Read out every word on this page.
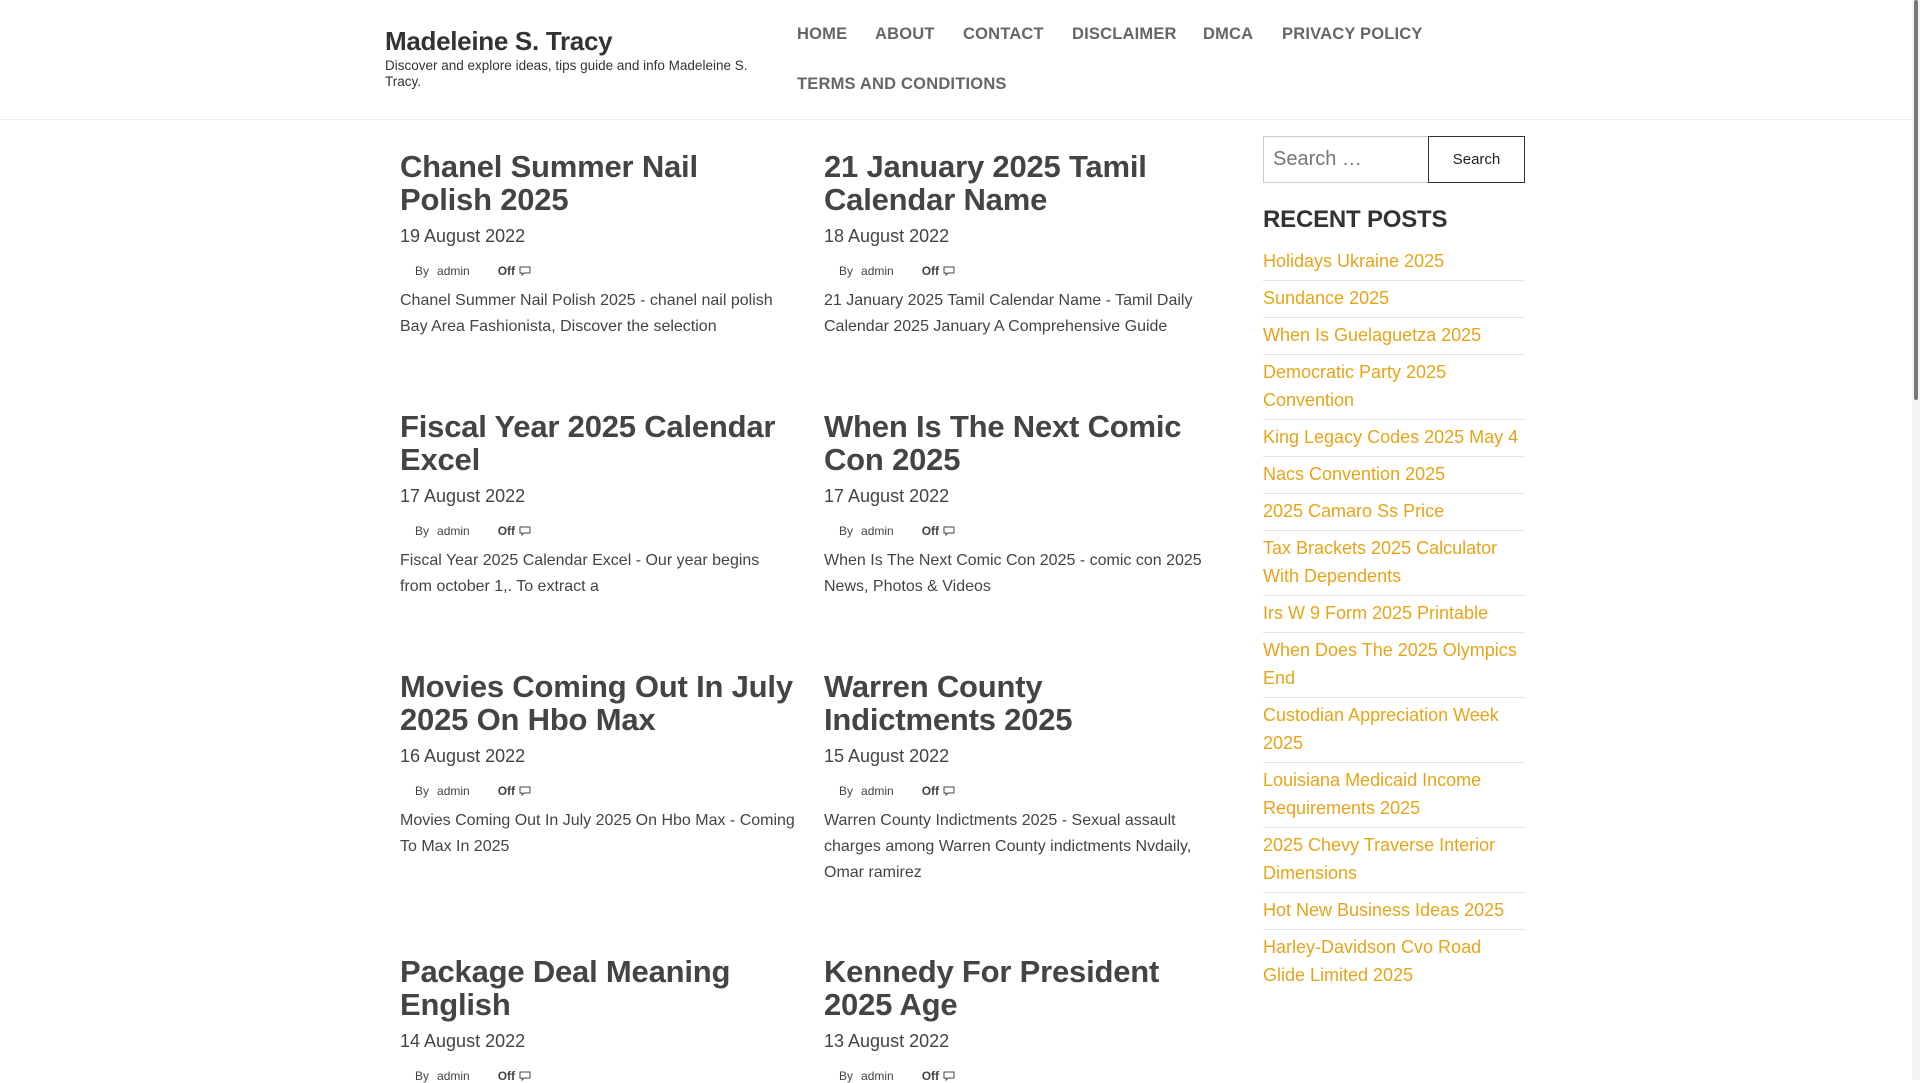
Madeleine S. Tracy
Discover and explore ideas, tips guide and info Madeleine S. Tracy.
HOME ABOUT CONTACT DISCLAIMER DMCA PRIVACY POLICY
TERMS AND CONDITIONS
Chanel Summer Nail Polish 2025
19 August 2022
By admin Off
Chanel Summer Nail Polish 2025 - chanel nail polish Bay Area Fashionista, Discover the selection
21 January 2025 Tamil Calendar Name
18 August 2022
By admin Off
21 January 2025 Tamil Calendar Name - Tamil Daily Calendar 2025 January A Comprehensive Guide
Fiscal Year 2025 Calendar Excel
17 August 2022
By admin Off
Fiscal Year 2025 Calendar Excel - Our year begins from october 1,. To extract a
When Is The Next Comic Con 2025
17 August 2022
By admin Off
When Is The Next Comic Con 2025 - comic con 2025 News, Photos & Videos
Movies Coming Out In July 2025 On Hbo Max
16 August 2022
By admin Off
Movies Coming Out In July 2025 On Hbo Max - Coming To Max In 2025
Warren County Indictments 2025
15 August 2022
By admin Off
Warren County Indictments 2025 - Sexual assault charges among Warren County indictments Nvdaily, Omar ramirez
Package Deal Meaning English
14 August 2022
By admin Off
Kennedy For President 2025 Age
13 August 2022
By admin Off
Search …
Search
RECENT POSTS
Holidays Ukraine 2025
Sundance 2025
When Is Guelaguetza 2025
Democratic Party 2025 Convention
King Legacy Codes 2025 May 4
Nacs Convention 2025
2025 Camaro Ss Price
Tax Brackets 2025 Calculator With Dependents
Irs W 9 Form 2025 Printable
When Does The 2025 Olympics End
Custodian Appreciation Week 2025
Louisiana Medicaid Income Requirements 2025
2025 Chevy Traverse Interior Dimensions
Hot New Business Ideas 2025
Harley-Davidson Cvo Road Glide Limited 2025
